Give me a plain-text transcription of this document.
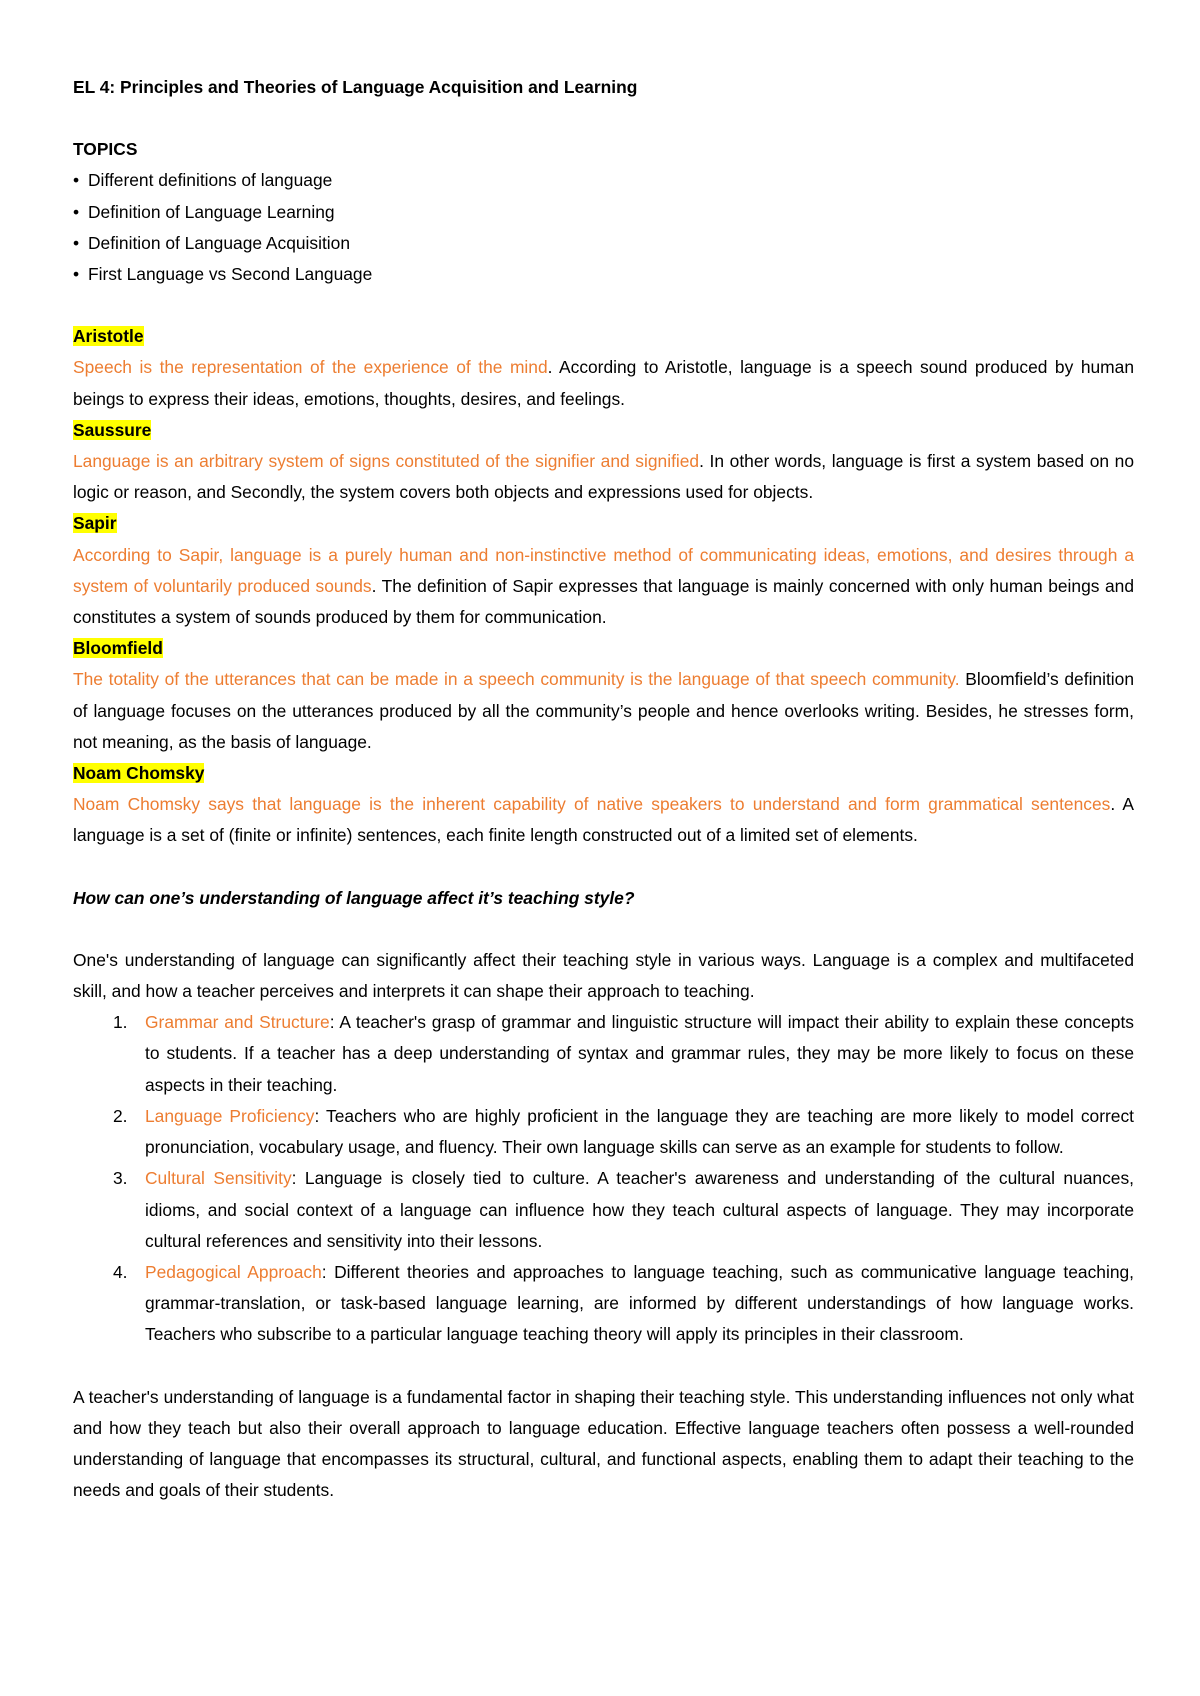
EL 4: Principles and Theories of Language Acquisition and Learning

TOPICS

• Different definitions of language
• Definition of Language Learning
• Definition of Language Acquisition
• First Language vs Second Language

Aristotle

Speech is the representation of the experience of the mind. According to Aristotle, language is a speech sound produced by human beings to express their ideas, emotions, thoughts, desires, and feelings.

Saussure

Language is an arbitrary system of signs constituted of the signifier and signified. In other words, language is first a system based on no logic or reason, and Secondly, the system covers both objects and expressions used for objects.

Sapir

According to Sapir, language is a purely human and non-instinctive method of communicating ideas, emotions, and desires through a system of voluntarily produced sounds. The definition of Sapir expresses that language is mainly concerned with only human beings and constitutes a system of sounds produced by them for communication.

Bloomfield

The totality of the utterances that can be made in a speech community is the language of that speech community. Bloomfield’s definition of language focuses on the utterances produced by all the community’s people and hence overlooks writing. Besides, he stresses form, not meaning, as the basis of language.

Noam Chomsky

Noam Chomsky says that language is the inherent capability of native speakers to understand and form grammatical sentences. A language is a set of (finite or infinite) sentences, each finite length constructed out of a limited set of elements.

How can one’s understanding of language affect it’s teaching style?

One's understanding of language can significantly affect their teaching style in various ways. Language is a complex and multifaceted skill, and how a teacher perceives and interprets it can shape their approach to teaching.

1. Grammar and Structure: A teacher's grasp of grammar and linguistic structure will impact their ability to explain these concepts to students. If a teacher has a deep understanding of syntax and grammar rules, they may be more likely to focus on these aspects in their teaching.
2. Language Proficiency: Teachers who are highly proficient in the language they are teaching are more likely to model correct pronunciation, vocabulary usage, and fluency. Their own language skills can serve as an example for students to follow.
3. Cultural Sensitivity: Language is closely tied to culture. A teacher's awareness and understanding of the cultural nuances, idioms, and social context of a language can influence how they teach cultural aspects of language. They may incorporate cultural references and sensitivity into their lessons.
4. Pedagogical Approach: Different theories and approaches to language teaching, such as communicative language teaching, grammar-translation, or task-based language learning, are informed by different understandings of how language works. Teachers who subscribe to a particular language teaching theory will apply its principles in their classroom.

A teacher's understanding of language is a fundamental factor in shaping their teaching style. This understanding influences not only what and how they teach but also their overall approach to language education. Effective language teachers often possess a well-rounded understanding of language that encompasses its structural, cultural, and functional aspects, enabling them to adapt their teaching to the needs and goals of their students.
